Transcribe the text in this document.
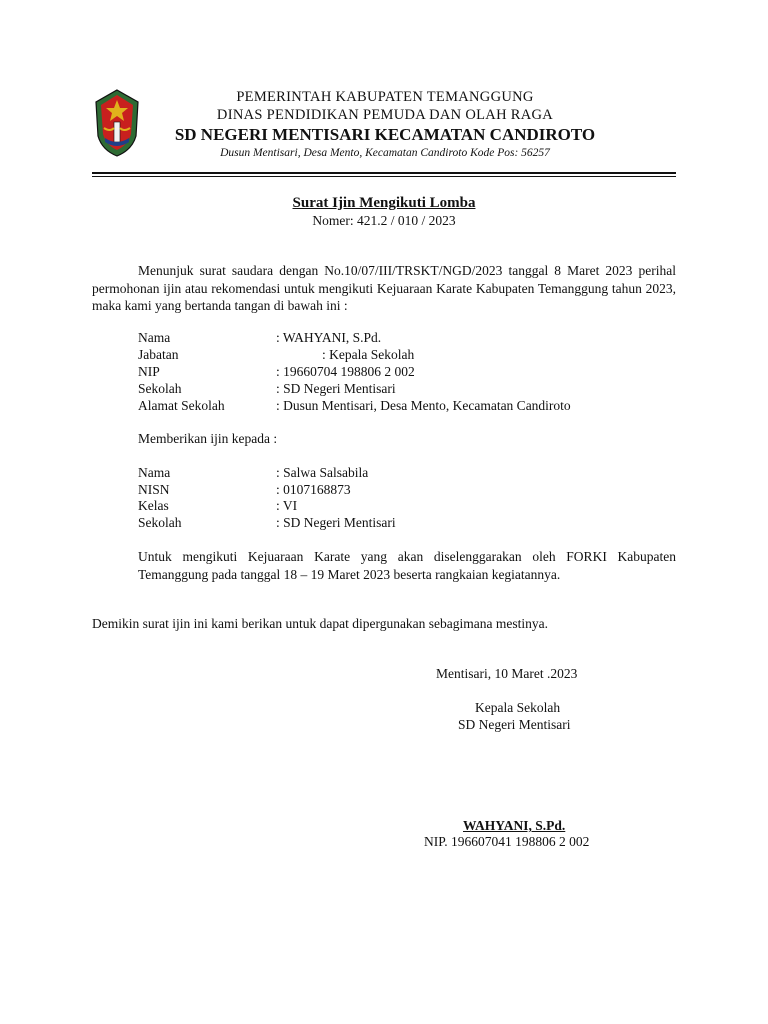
PEMERINTAH KABUPATEN TEMANGGUNG
DINAS PENDIDIKAN PEMUDA DAN OLAH RAGA
SD NEGERI MENTISARI KECAMATAN CANDIROTO
Dusun Mentisari, Desa Mento, Kecamatan Candiroto Kode Pos: 56257
Surat Ijin Mengikuti Lomba
Nomer: 421.2 / 010 / 2023
Menunjuk surat saudara dengan No.10/07/III/TRSKT/NGD/2023 tanggal 8 Maret 2023 perihal permohonan ijin atau rekomendasi untuk mengikuti Kejuaraan Karate Kabupaten Temanggung tahun 2023, maka kami yang bertanda tangan di bawah ini :
Nama	: WAHYANI, S.Pd.
Jabatan	: Kepala Sekolah
NIP	: 19660704 198806 2 002
Sekolah	: SD Negeri Mentisari
Alamat Sekolah	: Dusun Mentisari, Desa Mento, Kecamatan Candiroto
Memberikan ijin kepada :
Nama	: Salwa Salsabila
NISN	: 0107168873
Kelas	: VI
Sekolah	: SD Negeri Mentisari
Untuk mengikuti Kejuaraan Karate yang akan diselenggarakan oleh FORKI Kabupaten Temanggung pada tanggal 18 – 19 Maret 2023 beserta rangkaian kegiatannya.
Demikin surat ijin ini kami berikan untuk dapat dipergunakan sebagimana mestinya.
Mentisari, 10 Maret .2023
Kepala Sekolah
SD Negeri Mentisari
WAHYANI, S.Pd.
NIP. 196607041 198806 2 002
